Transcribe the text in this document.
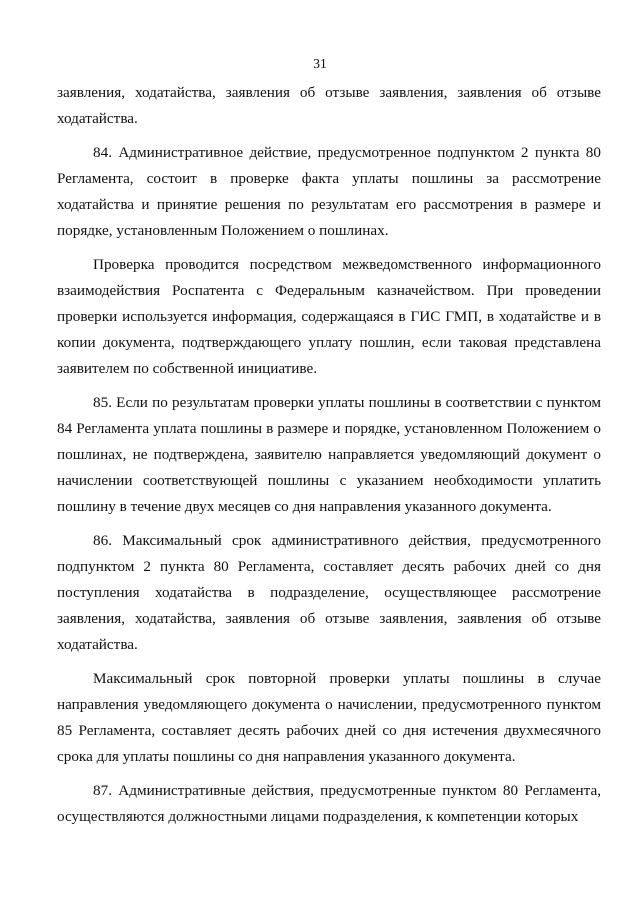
31

заявления, ходатайства, заявления об отзыве заявления, заявления об отзыве ходатайства.

84. Административное действие, предусмотренное подпунктом 2 пункта 80 Регламента, состоит в проверке факта уплаты пошлины за рассмотрение ходатайства и принятие решения по результатам его рассмотрения в размере и порядке, установленным Положением о пошлинах.

Проверка проводится посредством межведомственного информационного взаимодействия Роспатента с Федеральным казначейством. При проведении проверки используется информация, содержащаяся в ГИС ГМП, в ходатайстве и в копии документа, подтверждающего уплату пошлин, если таковая представлена заявителем по собственной инициативе.

85. Если по результатам проверки уплаты пошлины в соответствии с пунктом 84 Регламента уплата пошлины в размере и порядке, установленном Положением о пошлинах, не подтверждена, заявителю направляется уведомляющий документ о начислении соответствующей пошлины с указанием необходимости уплатить пошлину в течение двух месяцев со дня направления указанного документа.

86. Максимальный срок административного действия, предусмотренного подпунктом 2 пункта 80 Регламента, составляет десять рабочих дней со дня поступления ходатайства в подразделение, осуществляющее рассмотрение заявления, ходатайства, заявления об отзыве заявления, заявления об отзыве ходатайства.

Максимальный срок повторной проверки уплаты пошлины в случае направления уведомляющего документа о начислении, предусмотренного пунктом 85 Регламента, составляет десять рабочих дней со дня истечения двухмесячного срока для уплаты пошлины со дня направления указанного документа.

87. Административные действия, предусмотренные пунктом 80 Регламента, осуществляются должностными лицами подразделения, к компетенции которых
